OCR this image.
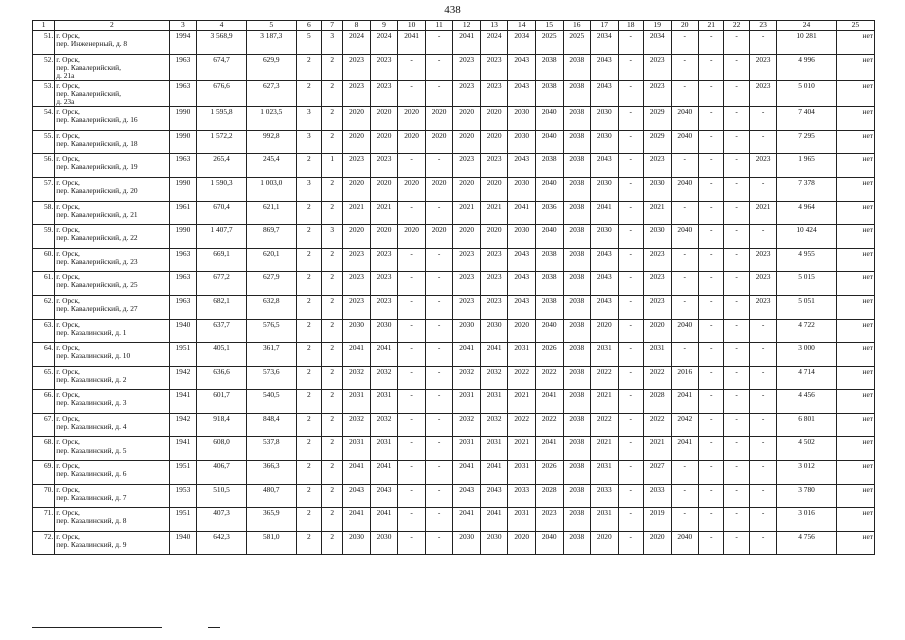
438
1	2	3	4	5	6	7	8	9	10	11	12	13	14	15	16	17	18	19	20	21	22	23	24	25
51.	г. Орск,
пер. Инженерный, д. 8	1994	3 568,9	3 187,3	5	3	2024	2024	2041	-	2041	2024	2034	2025	2025	2034	-	2034	-	-	-	-	10 281	нет
52.	г. Орск,
пер. Кавалерийский,
д. 21а	1963	674,7	629,9	2	2	2023	2023	-	-	2023	2023	2043	2038	2038	2043	-	2023	-	-	-	2023	4 996	нет
53.	г. Орск,
пер. Кавалерийский,
д. 23а	1963	676,6	627,3	2	2	2023	2023	-	-	2023	2023	2043	2038	2038	2043	-	2023	-	-	-	2023	5 010	нет
54.	г. Орск,
пер. Кавалерийский, д. 16	1990	1 595,8	1 023,5	3	2	2020	2020	2020	2020	2020	2020	2030	2040	2038	2030	-	2029	2040	-	-	-	7 404	нет
55.	г. Орск,
пер. Кавалерийский, д. 18	1990	1 572,2	992,8	3	2	2020	2020	2020	2020	2020	2020	2030	2040	2038	2030	-	2029	2040	-	-	-	7 295	нет
56.	г. Орск,
пер. Кавалерийский, д. 19	1963	265,4	245,4	2	1	2023	2023	-	-	2023	2023	2043	2038	2038	2043	-	2023	-	-	-	2023	1 965	нет
57.	г. Орск,
пер. Кавалерийский, д. 20	1990	1 590,3	1 003,0	3	2	2020	2020	2020	2020	2020	2020	2030	2040	2038	2030	-	2030	2040	-	-	-	7 378	нет
58.	г. Орск,
пер. Кавалерийский, д. 21	1961	670,4	621,1	2	2	2021	2021	-	-	2021	2021	2041	2036	2038	2041	-	2021	-	-	-	2021	4 964	нет
59.	г. Орск,
пер. Кавалерийский, д. 22	1990	1 407,7	869,7	2	3	2020	2020	2020	2020	2020	2020	2030	2040	2038	2030	-	2030	2040	-	-	-	10 424	нет
60.	г. Орск,
пер. Кавалерийский, д. 23	1963	669,1	620,1	2	2	2023	2023	-	-	2023	2023	2043	2038	2038	2043	-	2023	-	-	-	2023	4 955	нет
61.	г. Орск,
пер. Кавалерийский, д. 25	1963	677,2	627,9	2	2	2023	2023	-	-	2023	2023	2043	2038	2038	2043	-	2023	-	-	-	2023	5 015	нет
62.	г. Орск,
пер. Кавалерийский, д. 27	1963	682,1	632,8	2	2	2023	2023	-	-	2023	2023	2043	2038	2038	2043	-	2023	-	-	-	2023	5 051	нет
63.	г. Орск,
пер. Казалинский, д. 1	1940	637,7	576,5	2	2	2030	2030	-	-	2030	2030	2020	2040	2038	2020	-	2020	2040	-	-	-	4 722	нет
64.	г. Орск,
пер. Казалинский, д. 10	1951	405,1	361,7	2	2	2041	2041	-	-	2041	2041	2031	2026	2038	2031	-	2031	-	-	-	-	3 000	нет
65.	г. Орск,
пер. Казалинский, д. 2	1942	636,6	573,6	2	2	2032	2032	-	-	2032	2032	2022	2022	2038	2022	-	2022	2016	-	-	-	4 714	нет
66.	г. Орск,
пер. Казалинский, д. 3	1941	601,7	540,5	2	2	2031	2031	-	-	2031	2031	2021	2041	2038	2021	-	2028	2041	-	-	-	4 456	нет
67.	г. Орск,
пер. Казалинский, д. 4	1942	918,4	848,4	2	2	2032	2032	-	-	2032	2032	2022	2022	2038	2022	-	2022	2042	-	-	-	6 801	нет
68.	г. Орск,
пер. Казалинский, д. 5	1941	608,0	537,8	2	2	2031	2031	-	-	2031	2031	2021	2041	2038	2021	-	2021	2041	-	-	-	4 502	нет
69.	г. Орск,
пер. Казалинский, д. 6	1951	406,7	366,3	2	2	2041	2041	-	-	2041	2041	2031	2026	2038	2031	-	2027	-	-	-	-	3 012	нет
70.	г. Орск,
пер. Казалинский, д. 7	1953	510,5	480,7	2	2	2043	2043	-	-	2043	2043	2033	2028	2038	2033	-	2033	-	-	-	-	3 780	нет
71.	г. Орск,
пер. Казалинский, д. 8	1951	407,3	365,9	2	2	2041	2041	-	-	2041	2041	2031	2023	2038	2031	-	2019	-	-	-	-	3 016	нет
72.	г. Орск,
пер. Казалинский, д. 9	1940	642,3	581,0	2	2	2030	2030	-	-	2030	2030	2020	2040	2038	2020	-	2020	2040	-	-	-	4 756	нет
